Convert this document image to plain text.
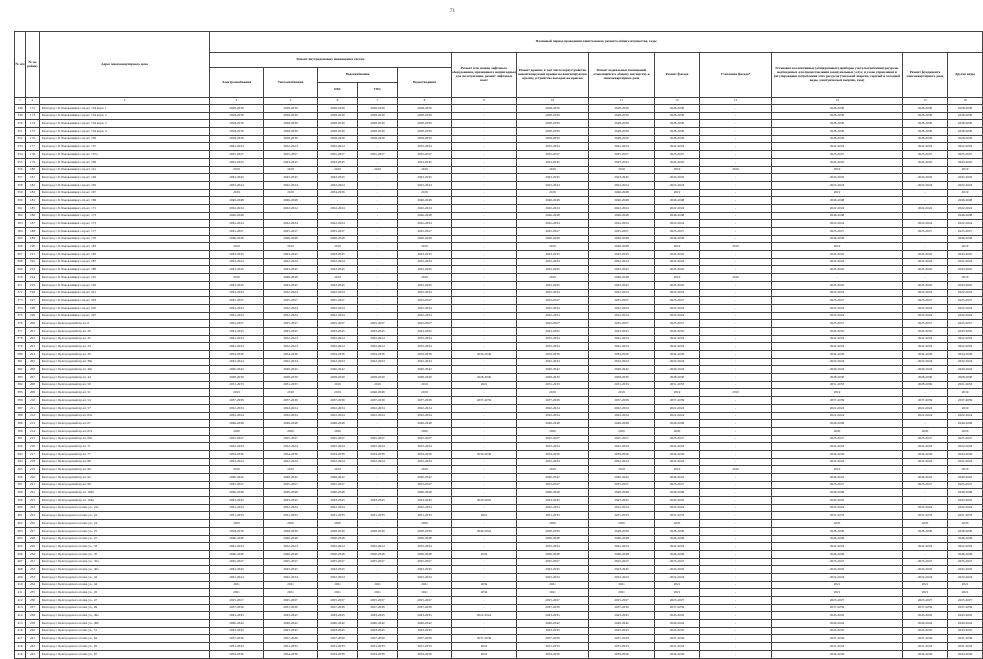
71
№ п/п	№ по району	Адрес многоквартирного дома	Плановый период проведения капитального ремонта общего имущества, годы												
			Ремонт внутридомовых инженерных систем					Ремонт или замена лифтового оборудования, признанного непригодным для эксплуатации, ремонт лифтовых шахт	Ремонт крыши, в том числе переустройство невентилируемой крыши на вентилируемую крышу, устройство выходов на кровлю	Ремонт подвальных помещений, относящихся к общему имуществу в многоквартирном доме	Ремонт фасада	Утепление фасада*	Установка коллективных (общедомовых) приборов учета потребления ресурсов, необходимых для предоставления коммунальных услуг, и узлов управления и регулирования потребления этих ресурсов (тепловой энергии, горячей и холодной воды, электрической энергии, газа)	Ремонт фундамента многоквартирного дома	Другие виды
			Электроснабжения	Теплоснабжения	Водоснабжения		Водоотведения								
					ХВС	ГВС									
1	2	3	4	5	6	7	8	9	10	11	12	13	14	15	16
348	172	Белгород г, Б.Хмельницкого пр-кт, 134 корп. 1	2028-2030	2028-2030	2028-2030	2028-2030	2028-2030	-	2028-2030	2028-2030	2028-2030	-	2028-2030	2028-2030	2028-2030
349	173	Белгород г, Б.Хмельницкого пр-кт, 134 корп. 2	2028-2030	2028-2030	2028-2030	2028-2030	2028-2030	-	2028-2030	2028-2030	2028-2030	-	2028-2030	2028-2030	2028-2030
350	174	Белгород г, Б.Хмельницкого пр-кт, 134 корп. 3	2028-2030	2028-2030	2028-2030	2028-2030	2028-2030	-	2028-2030	2028-2030	2028-2030	-	2028-2030	2028-2030	2028-2030
351	175	Белгород г, Б.Хмельницкого пр-кт, 134 корп. 4	2028-2030	2028-2030	2028-2030	2028-2030	2028-2030	-	2028-2030	2028-2030	2028-2030	-	2028-2030	2028-2030	2028-2030
352	176	Белгород г, Б.Хмельницкого пр-кт, 136	2028-2030	2028-2030	2028-2030	2028-2030	2028-2030	-	2028-2030	2028-2030	2028-2030	-	2028-2030	2028-2030	2028-2030
353	177	Белгород г, Б.Хмельницкого пр-кт, 137	2022-2024	2022-2024	2022-2024	-	2022-2024	-	2022-2024	2022-2024	2022-2024	-	2022-2024	2022-2024	2022-2024
354	178	Белгород г, Б.Хмельницкого пр-кт, 137а	2025-2027	2025-2027	2025-2027	2025-2027	2025-2027	-	2025-2027	2025-2027	2025-2027	-	2025-2027	2025-2027	2025-2027
355	179	Белгород г, Б.Хмельницкого пр-кт, 139	2043-2045	2043-2045	2043-2045	-	2043-2045	-	2043-2045	2043-2045	2043-2045	-	2043-2045	2043-2045	2043-2045
356	180	Белгород г, Б.Хмельницкого пр-кт, 141	2019	2019	2019	2019	2019	-	2019	2019	2019	2019	2019	-	2019
357	181	Белгород г, Б.Хмельницкого пр-кт, 149	2043-2045	2043-2045	2043-2045	-	2043-2045	-	2043-2045	2043-2045	2043-2045	-	2043-2045	2043-2045	2043-2045
358	182	Белгород г, Б.Хмельницкого пр-кт, 165	2022-2024	2022-2024	2022-2024	-	2022-2024	-	2022-2024	2022-2024	2022-2024	-	2022-2024	2022-2024	2022-2024
359	183	Белгород г, Б.Хмельницкого пр-кт, 167	2019	2019	2034-2036	-	2019	-	2019	2046-2048	2019	-	2019	-	2019
360	184	Белгород г, Б.Хмельницкого пр-кт, 169	2046-2048	2046-2048	-	-	2046-2048	-	2046-2048	2046-2048	2046-2048	-	2046-2048	-	2046-2048
361	185	Белгород г, Б.Хмельницкого пр-кт, 171	2022-2024	2022-2024	2022-2024	-	2022-2024	-	2022-2024	2022-2024	2022-2024	-	2022-2024	2022-2024	2022-2024
362	186	Белгород г, Б.Хмельницкого пр-кт, 173	2046-2048	-	-	-	2046-2048	-	2046-2048	2046-2048	2046-2048	-	2046-2048	-	2046-2048
363	187	Белгород г, Б.Хмельницкого пр-кт, 175	2022-2024	2022-2024	2022-2024	-	2022-2024	-	2022-2024	2022-2024	2022-2024	-	2022-2024	2022-2024	2022-2024
364	188	Белгород г, Б.Хмельницкого пр-кт, 177	2025-2027	2025-2027	2025-2027	-	2025-2027	-	2025-2027	2025-2027	2025-2027	-	2025-2027	2025-2027	2025-2027
365	189	Белгород г, Б.Хмельницкого пр-кт, 179	2046-2048	2046-2048	2046-2048	-	2046-2048	-	2046-2048	2046-2048	2046-2048	-	2046-2048	-	2046-2048
366	190	Белгород г, Б.Хмельницкого пр-кт, 183	2019	2019	2019	-	2019	-	2019	2046-2048	2019	2019	2019	-	2019
367	191	Белгород г, Б.Хмельницкого пр-кт, 185	2043-2045	2043-2045	2043-2045	-	2043-2045	-	2043-2045	2043-2045	2043-2045	-	2043-2045	2043-2045	2043-2045
368	192	Белгород г, Б.Хмельницкого пр-кт, 187	2022-2024	2022-2024	2022-2024	-	2022-2024	-	2022-2024	2022-2024	2022-2024	-	2022-2024	2022-2024	2022-2024
369	193	Белгород г, Б.Хмельницкого пр-кт, 189	2043-2045	2043-2045	2043-2045	-	2043-2045	-	2043-2045	2043-2045	2043-2045	-	2043-2045	2043-2045	2043-2045
370	194	Белгород г, Б.Хмельницкого пр-кт, 191	2019	2046-2048	2019	-	2019	-	2019	2046-2048	2019	2019	-	-	2019
371	195	Белгород г, Б.Хмельницкого пр-кт, 193	2043-2045	2043-2045	2043-2045	-	2043-2045	-	2043-2045	2043-2045	2043-2045	-	2043-2045	2043-2045	2043-2045
372	196	Белгород г, Б.Хмельницкого пр-кт, 201	2022-2024	2022-2024	2022-2024	-	2022-2024	-	2022-2024	2022-2024	2022-2024	-	2022-2024	2022-2024	2022-2024
373	197	Белгород г, Б.Хмельницкого пр-кт, 203	2025-2027	2025-2027	2025-2027	-	2025-2027	-	2025-2027	2025-2027	2025-2027	-	2025-2027	2025-2027	2025-2027
374	198	Белгород г, Б.Хмельницкого пр-кт, 205	2022-2024	2022-2024	2022-2024	-	2022-2024	-	2022-2024	2022-2024	2022-2024	-	2022-2024	2022-2024	2022-2024
375	199	Белгород г, Б.Хмельницкого пр-кт, 207	2022-2024	2022-2024	2022-2024	-	2022-2024	-	2022-2024	2022-2024	2022-2024	-	2022-2024	2022-2024	2022-2024
376	200	Белгород г, Белгородский пр-кт, 6	2025-2027	2025-2027	2025-2027	2025-2027	2025-2027	-	2025-2027	2025-2027	2025-2027	-	2025-2027	2025-2027	2025-2027
377	201	Белгород г, Белгородский пр-кт, 26	2043-2045	2043-2045	2043-2045	2043-2045	2043-2045	-	2043-2045	2043-2045	2043-2045	-	2043-2045	2043-2045	2043-2045
378	202	Белгород г, Белгородский пр-кт, 32	2022-2024	2022-2024	2022-2024	2022-2024	2022-2024	-	2022-2024	2022-2024	2022-2024	-	2022-2024	2022-2024	2022-2024
379	203	Белгород г, Белгородский пр-кт, 34	2022-2024	2022-2024	2022-2024	2022-2024	2022-2024	-	2022-2024	2022-2024	2022-2024	-	2022-2024	2022-2024	2022-2024
380	204	Белгород г, Белгородский пр-кт, 36	2034-2036	2034-2036	2034-2036	2034-2036	2034-2036	2034-2036	2034-2036	2034-2036	2034-2036	-	2034-2036	2034-2036	2034-2036
381	205	Белгород г, Белгородский пр-кт, 38а	2022-2024	2022-2024	2022-2024	2022-2024	2022-2024	-	2022-2024	2022-2024	2022-2024	-	2022-2024	2022-2024	2022-2024
382	206	Белгород г, Белгородский пр-кт, 40а	2040-2042	2040-2042	2040-2042	-	2040-2042	-	2040-2042	2040-2042	2040-2042	-	2040-2042	2040-2042	2040-2042
383	207	Белгород г, Белгородский пр-кт, 44	2028-2030	2028-2030	2028-2030	2028-2030	2028-2030	2028-2030	2028-2030	2028-2030	2028-2030	-	2028-2030	2028-2030	2028-2030
384	208	Белгород г, Белгородский пр-кт, 50	2031-2033	2031-2033	2019	2019	2019	2021	2031-2033	2031-2033	2031-2033	-	2031-2033	2028-2030	2031-2033
385	209	Белгород г, Белгородский пр-кт, 51	2019	2019	2019	2046-2048	2019	-	2019	2019	2019	2019	2019	-	2019
386	210	Белгород г, Белгородский пр-кт, 54	2037-2039	2037-2039	2037-2039	2037-2039	2037-2039	2037-2039	2037-2039	2037-2039	2037-2039	-	2037-2039	2037-2039	2037-2039
387	211	Белгород г, Белгородский пр-кт, 57	2022-2024	2022-2024	2022-2024	2022-2024	2022-2024	-	2022-2024	2022-2024	2022-2024	-	2022-2024	2022-2024	2019
388	212	Белгород г, Белгородский пр-кт, 65а	2022-2024	2022-2024	2022-2024	2022-2024	2022-2024	-	2022-2024	2022-2024	2022-2024	-	2022-2024	2022-2024	2022-2024
389	213	Белгород г, Белгородский пр-кт, 67	2046-2048	2046-2048	2046-2048	-	2046-2048	-	2046-2048	2046-2048	2046-2048	-	2046-2048	-	2046-2048
390	214	Белгород г, Белгородский пр-кт, 67а	2020	2020	2020	-	2020	-	2020	2020	2020	-	2020	2020	2020
391	215	Белгород г, Белгородский пр-кт, 69а	2025-2027	2025-2027	2025-2027	2025-2027	2025-2027	-	2025-2027	2025-2027	2025-2027	-	2025-2027	2025-2027	2025-2027
392	216	Белгород г, Белгородский пр-кт, 71	2022-2024	2022-2024	2022-2024	2022-2024	2022-2024	-	2022-2024	2022-2024	2022-2024	-	2022-2024	2022-2024	2022-2024
393	217	Белгород г, Белгородский пр-кт, 77	2034-2036	2034-2036	2034-2036	2034-2036	2034-2036	2034-2036	2034-2036	2034-2036	2034-2036	-	2034-2036	2034-2036	2034-2036
394	218	Белгород г, Белгородский пр-кт, 88	2022-2024	2022-2024	2022-2024	2022-2024	2022-2024	-	2022-2024	2022-2024	2022-2024	-	2022-2024	2022-2024	2022-2024
395	219	Белгород г, Белгородский пр-кт, 90	2019	2019	2019	-	2019	-	2019	2019	2019	2019	2019	-	2019
396	220	Белгород г, Белгородский пр-кт, 92	2040-2042	2040-2042	2040-2042	-	2040-2042	-	2040-2042	2040-2042	2040-2042	-	2040-2042	2040-2042	2040-2042
397	221	Белгород г, Белгородский пр-кт, 98	2025-2027	2025-2027	2025-2027	-	2025-2027	-	2025-2027	2025-2027	2025-2027	-	2025-2027	2025-2027	2025-2027
398	222	Белгород г, Белгородский пр-кт, 104б	2046-2048	2046-2048	2046-2048	-	2046-2048	-	2046-2048	2046-2048	2046-2048	-	2046-2048	-	2046-2048
399	223	Белгород г, Белгородский пр-кт, 104в	2043-2045	2043-2045	2043-2045	2043-2045	2043-2045	2043-2045	2043-2045	2043-2045	2043-2045	-	2043-2045	-	2043-2045
400	224	Белгород г, Белгородского полка ул., 22а	2022-2024	2022-2024	2022-2024	-	2022-2024	-	2022-2024	2022-2024	2022-2024	-	2022-2024	2022-2024	2022-2024
401	225	Белгород г, Белгородского полка ул., 23	2031-2033	2031-2033	2031-2033	2031-2033	2031-2033	2021	2031-2033	2031-2033	2031-2033	-	2031-2033	2031-2033	2031-2033
402	226	Белгород г, Белгородского полка ул., 24	2020	2020	2020	-	2020	-	2020	2020	2020	-	2020	2020	2020
403	227	Белгород г, Белгородского полка ул., 25	2028-2030	2028-2030	2028-2030	2028-2030	2028-2030	2040-2042	2028-2030	2028-2030	2028-2030	-	2028-2030	2028-2030	2028-2030
404	228	Белгород г, Белгородского полка ул., 27	2046-2048	2046-2048	2046-2048	-	2046-2048	-	2046-2048	2046-2048	2046-2048	-	2046-2048	-	2046-2048
405	229	Белгород г, Белгородского полка ул., 33	2022-2024	2022-2024	2022-2024	2022-2024	2022-2024	-	2022-2024	2022-2024	2022-2024	-	2022-2024	2022-2024	2022-2024
406	230	Белгород г, Белгородского полка ул., 35	2046-2048	2046-2048	2046-2048	2046-2048	2046-2048	2034	2046-2048	2046-2048	2046-2048	-	2046-2048	-	2046-2048
407	231	Белгород г, Белгородского полка ул., 35а	2025-2027	2025-2027	2025-2027	2025-2027	2025-2027	-	2025-2027	2025-2027	2025-2027	-	2025-2027	2025-2027	2025-2027
408	232	Белгород г, Белгородского полка ул., 40а	2043-2045	2043-2045	2043-2045	-	2043-2045	-	2043-2045	2043-2045	2043-2045	-	2043-2045	2043-2045	2043-2045
409	233	Белгород г, Белгородского полка ул., 42	2022-2024	2022-2024	2022-2024	-	2022-2024	-	2022-2024	2022-2024	2022-2024	-	2022-2024	2022-2024	2022-2024
410	234	Белгород г, Белгородского полка ул., 44	2021	2021	2021	2021	2021	2034	2021	2021	2021	-	2021	2021	2021
411	235	Белгород г, Белгородского полка ул., 45	2021	2021	2021	2021	2021	2034	2021	2021	2021	-	2021	2021	2021
412	236	Белгород г, Белгородского полка ул., 47	2025-2027	2025-2027	2025-2027	2025-2027	2025-2027	-	2025-2027	2025-2027	2025-2027	-	2025-2027	2025-2027	2025-2027
413	237	Белгород г, Белгородского полка ул., 49	2037-2039	2037-2039	2037-2039	2037-2039	2037-2039	-	2037-2039	2037-2039	2037-2039	-	2037-2039	2037-2039	2037-2039
414	238	Белгород г, Белгородского полка ул., 49а	2043-2045	2043-2045	2043-2045	2043-2045	2043-2045	2022-2024	2043-2045	2043-2045	2043-2045	-	2043-2045	2043-2045	2043-2045
415	239	Белгород г, Белгородского полка ул., 49б	2040-2042	2040-2042	2040-2042	2040-2042	2040-2042	-	2040-2042	2040-2042	2040-2042	-	2040-2042	2040-2042	2040-2042
416	240	Белгород г, Белгородского полка ул., 51	2043-2045	2043-2045	2043-2045	2043-2045	2043-2045	-	2043-2045	2043-2045	2043-2045	-	2043-2045	2043-2045	2043-2045
417	241	Белгород г, Белгородского полка ул., 62	2037-2039	2037-2039	2037-2039	2037-2039	2037-2039	2037-2039	2037-2039	2037-2039	2037-2039	-	2037-2039	2037-2039	2037-2039
418	242	Белгород г, Белгородского полка ул., 65	2031-2033	2031-2033	2031-2033	2031-2033	2031-2033	2022	2031-2033	2031-2033	2031-2033	-	2031-2033	2031-2033	2031-2033
419	243	Белгород г, Белгородского полка ул., 67	2034-2036	2034-2036	2034-2036	2034-2036	2034-2036	2022	2034-2036	2034-2036	2034-2036	-	2034-2036	2034-2036	2034-2036
